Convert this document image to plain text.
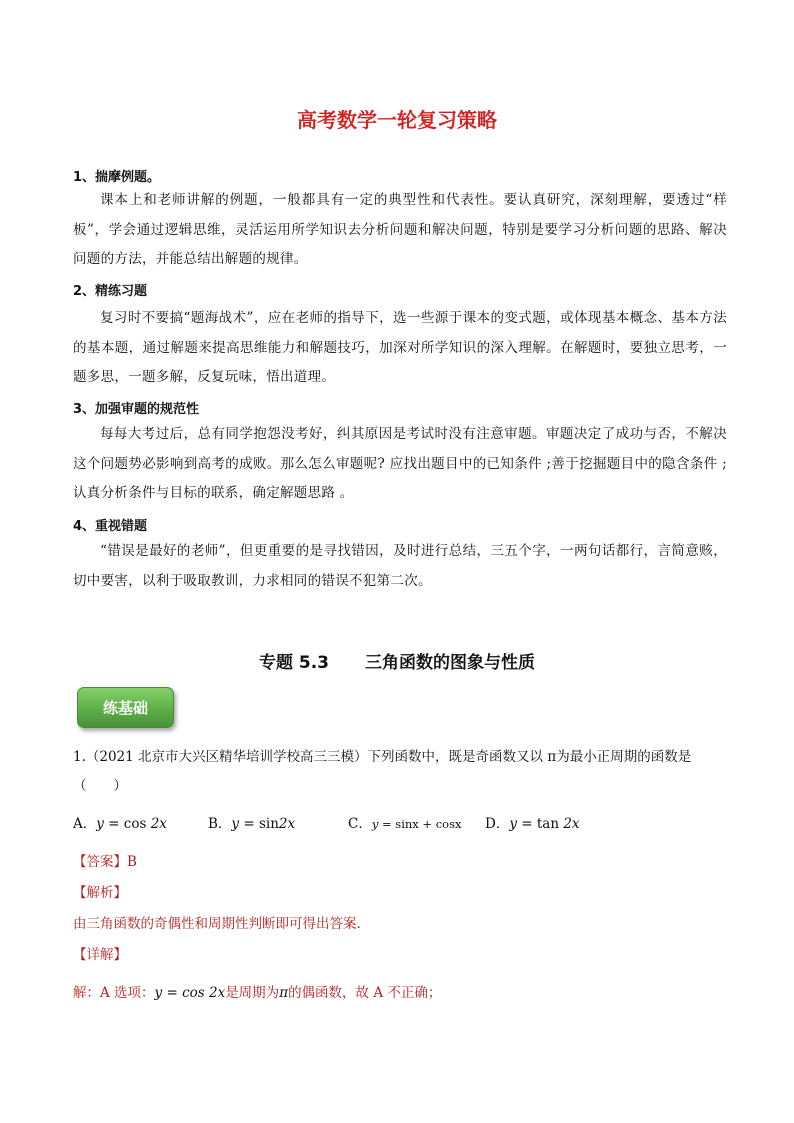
高考数学一轮复习策略
1、揣摩例题。
课本上和老师讲解的例题，一般都具有一定的典型性和代表性。要认真研究，深刻理解，要透过“样板”，学会通过逻辑思维，灵活运用所学知识去分析问题和解决问题，特别是要学习分析问题的思路、解决问题的方法，并能总结出解题的规律。
2、精练习题
复习时不要搞“题海战术”，应在老师的指导下，选一些源于课本的变式题，或体现基本概念、基本方法的基本题，通过解题来提高思维能力和解题技巧，加深对所学知识的深入理解。在解题时，要独立思考，一题多思，一题多解，反复玩味，悟出道理。
3、加强审题的规范性
每每大考过后，总有同学抱怨没考好，纠其原因是考试时没有注意审题。审题决定了成功与否，不解决这个问题势必影响到高考的成败。那么怎么审题呢? 应找出题目中的已知条件 ;善于挖掘题目中的隐含条件 ;认真分析条件与目标的联系，确定解题思路 。
4、重视错题
“错误是最好的老师”，但更重要的是寻找错因，及时进行总结，三五个字，一两句话都行，言简意赅，切中要害，以利于吸取教训，力求相同的错误不犯第二次。
专题 5.3 三角函数的图象与性质
练基础
1.（2021 北京市大兴区精华培训学校高三三模）下列函数中，既是奇函数又以 π为最小正周期的函数是
（　　）
A．y = cos 2x	B．y = sin2x	C．y = sinx + cosx D．y = tan 2x
【答案】B
【解析】
由三角函数的奇偶性和周期性判断即可得出答案.
【详解】
解：A 选项：y = cos 2x是周期为π的偶函数，故 A 不正确；
